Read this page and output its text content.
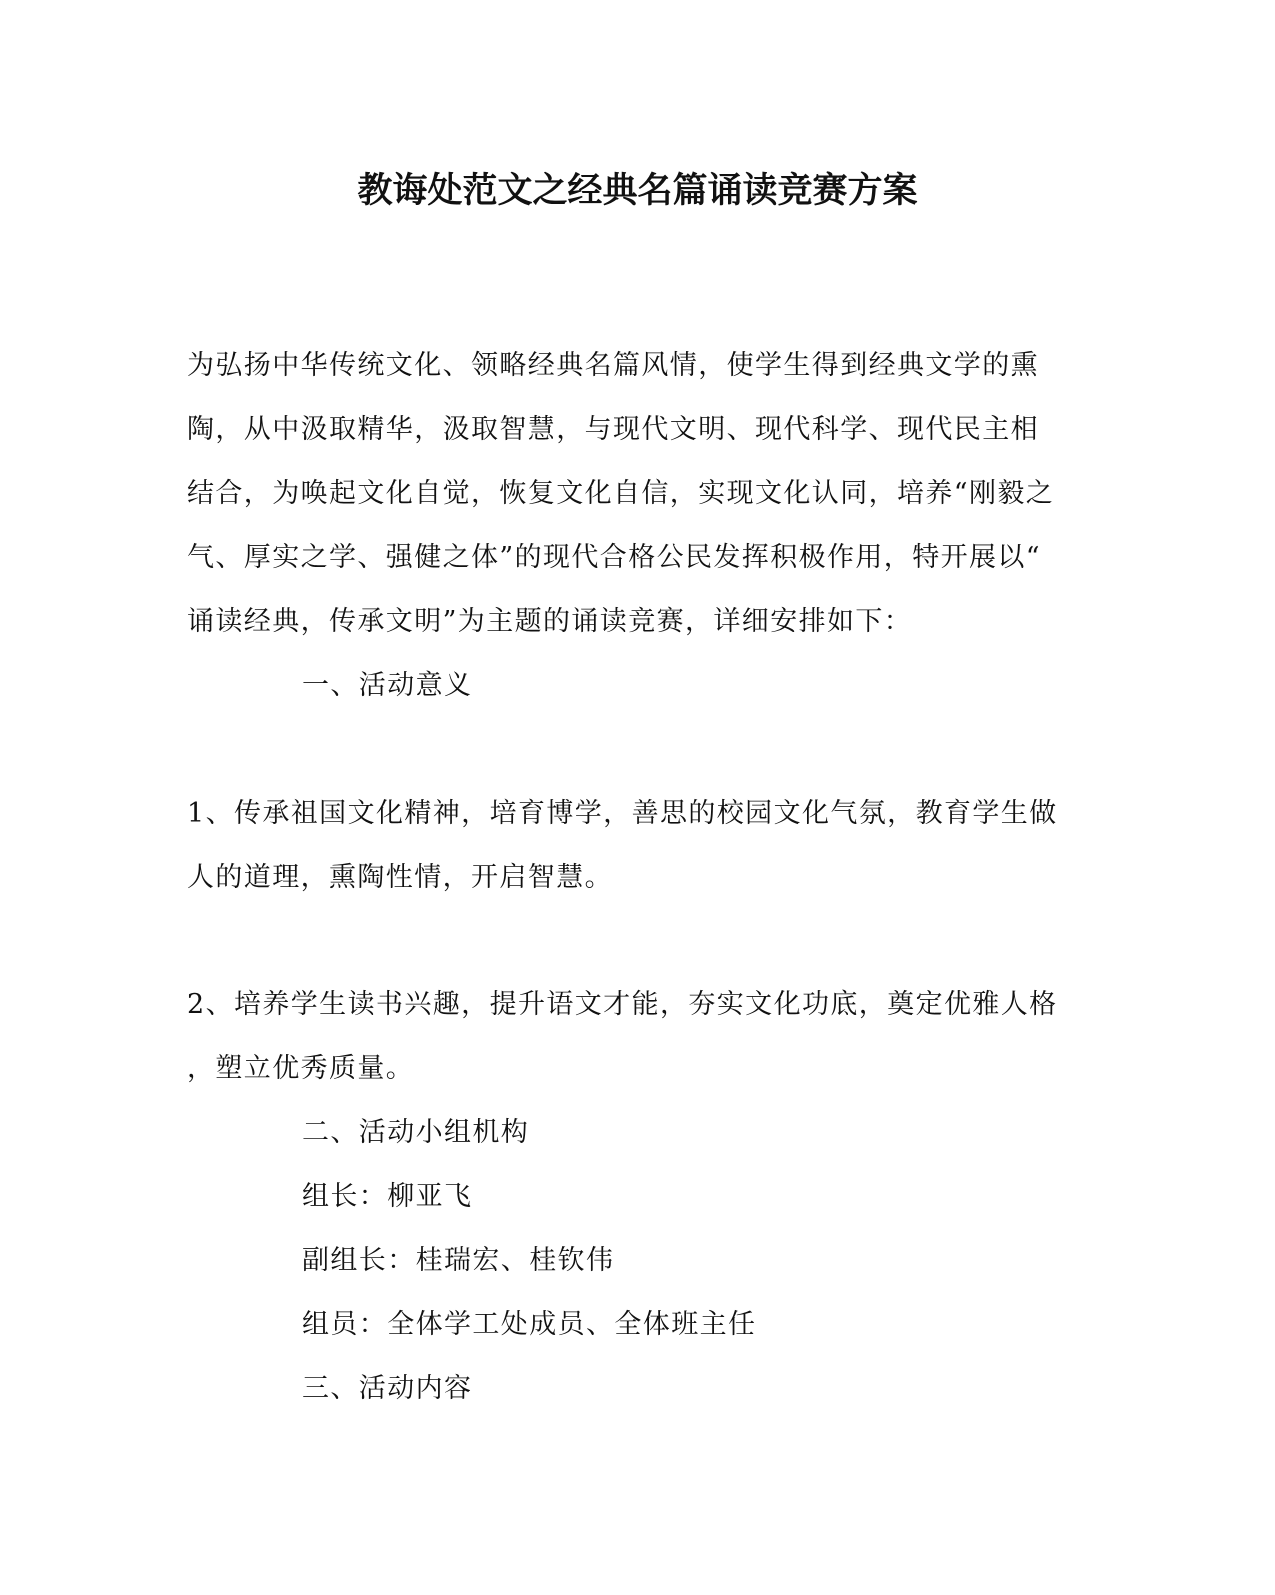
教诲处范文之经典名篇诵读竞赛方案
为弘扬中华传统文化、领略经典名篇风情，使学生得到经典文学的熏
陶，从中汲取精华，汲取智慧，与现代文明、现代科学、现代民主相
结合，为唤起文化自觉，恢复文化自信，实现文化认同，培养“刚毅之
气、厚实之学、强健之体”的现代合格公民发挥积极作用，特开展以“
诵读经典，传承文明”为主题的诵读竞赛，详细安排如下：
一、活动意义
1、传承祖国文化精神，培育博学，善思的校园文化气氛，教育学生做
人的道理，熏陶性情，开启智慧。
2、培养学生读书兴趣，提升语文才能，夯实文化功底，奠定优雅人格
，塑立优秀质量。
二、活动小组机构
组长：柳亚飞
副组长：桂瑞宏、桂钦伟
组员：全体学工处成员、全体班主任
三、活动内容
